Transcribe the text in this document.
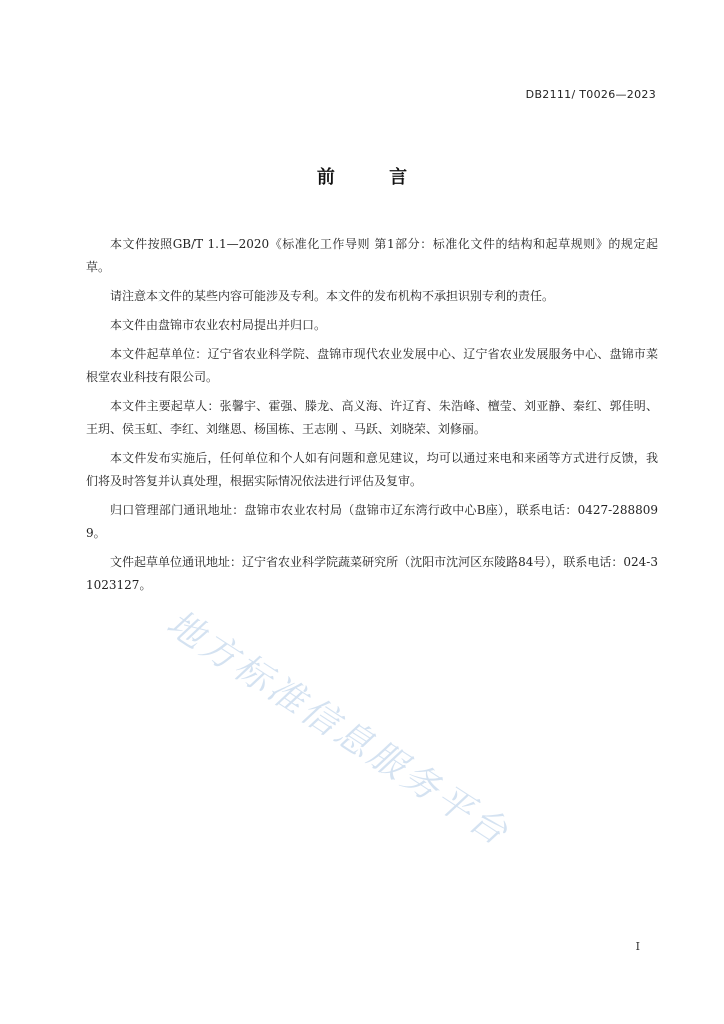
DB2111/ T0026—2023
前 言

本文件按照GB/T 1.1—2020《标准化工作导则 第1部分：标准化文件的结构和起草规则》的规定起草。

请注意本文件的某些内容可能涉及专利。本文件的发布机构不承担识别专利的责任。

本文件由盘锦市农业农村局提出并归口。

本文件起草单位：辽宁省农业科学院、盘锦市现代农业发展中心、辽宁省农业发展服务中心、盘锦市菜根堂农业科技有限公司。

本文件主要起草人：张馨宇、霍强、滕龙、高义海、许辽育、朱浩峰、檀莹、刘亚静、秦红、郭佳明、王玥、侯玉虹、李红、刘继恩、杨国栋、王志刚 、马跃、刘晓荣、刘修丽。

本文件发布实施后，任何单位和个人如有问题和意见建议，均可以通过来电和来函等方式进行反馈，我们将及时答复并认真处理，根据实际情况依法进行评估及复审。

归口管理部门通讯地址：盘锦市农业农村局（盘锦市辽东湾行政中心B座），联系电话：0427-2888099。

文件起草单位通讯地址：辽宁省农业科学院蔬菜研究所（沈阳市沈河区东陵路84号），联系电话：024-31023127。

地方标准信息服务平台
I
